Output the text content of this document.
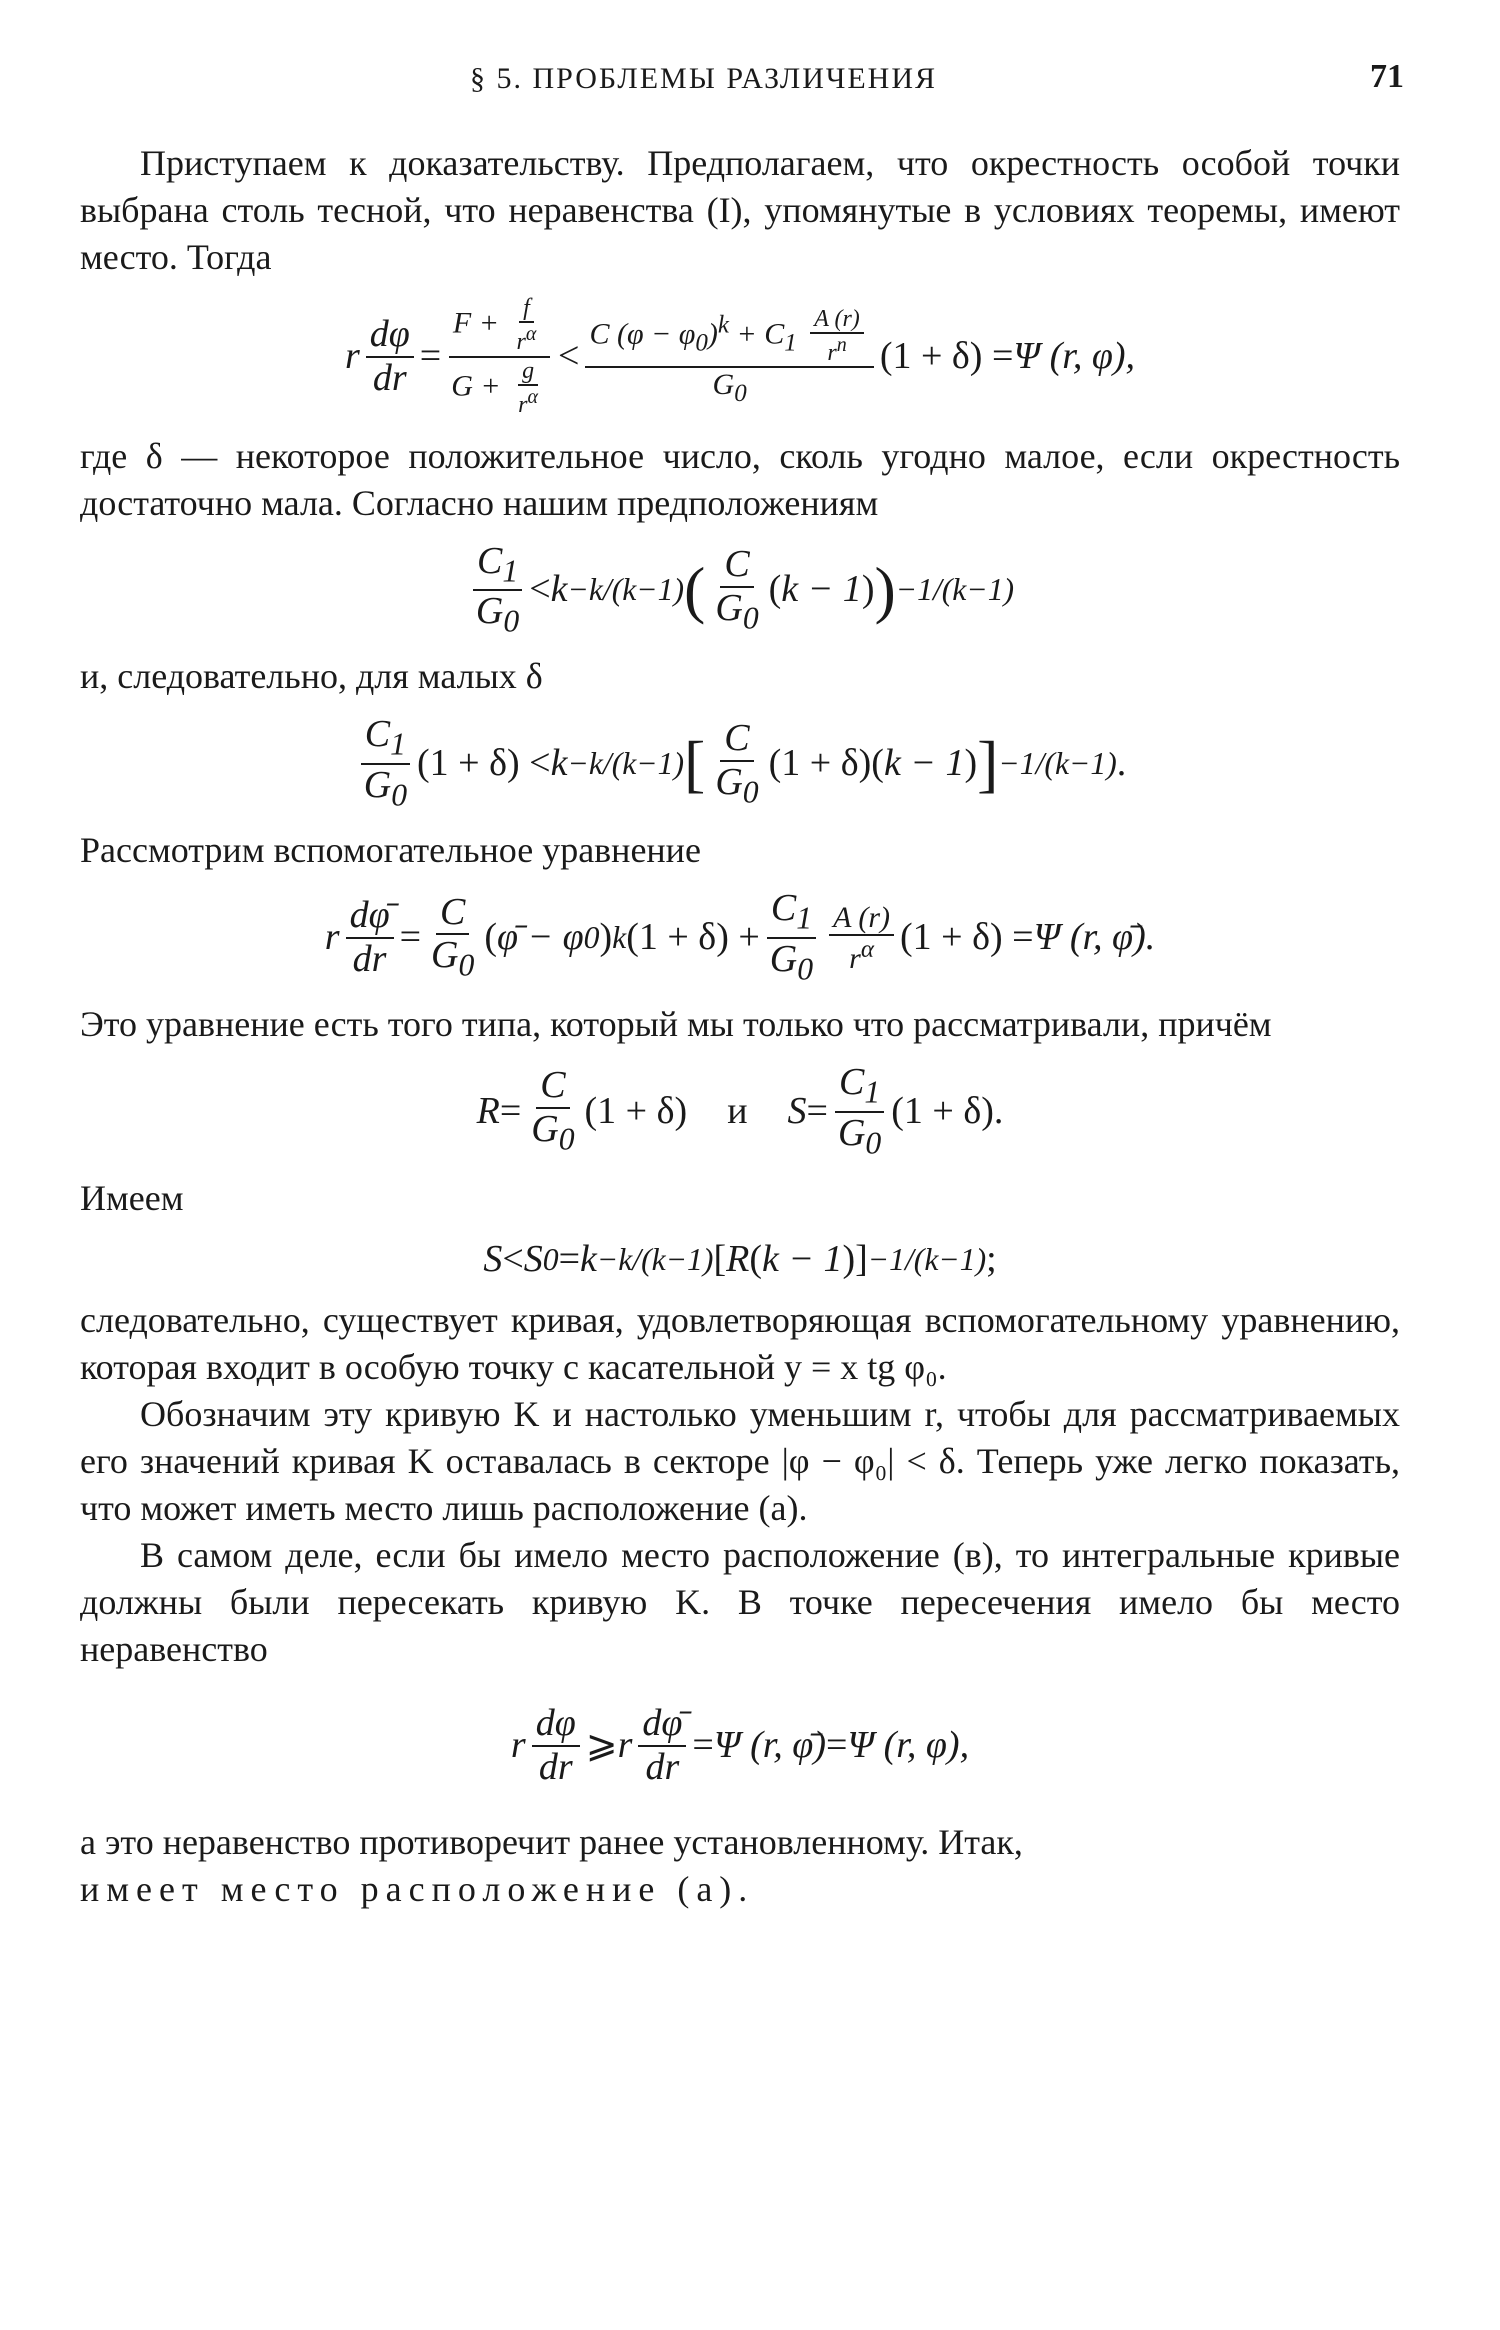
§ 5. ПРОБЛЕМЫ РАЗЛИЧЕНИЯ	71

Приступаем к доказательству. Предполагаем, что окрестность особой точки выбрана столь тесной, что неравенства (I), упомянутые в условиях теоремы, имеют место. Тогда

r $\frac{d\varphi}{dr} = \frac{F + \frac{f}{r^\alpha}}{G + \frac{g}{r^\alpha}} < \frac{C (\varphi - \varphi_0)^k + C_1 \frac{A (r)}{r^n}}{G_0} (1 + \delta) = \Psi$ (r, φ),

где δ — некоторое положительное число, сколь угодно малое, если окрестность достаточно мала. Согласно нашим предположениям

$\frac{C_1}{G_0} < k -k/(k-1)$ ( $\frac{C}{G_0}$ ( k − 1 ) ) −1/(k−1)

и, следовательно, для малых δ

$\frac{C_1}{G_0} (1 + \delta) < k -k/(k-1)$ [ $\frac{C}{G_0} (1 + \delta)$( k − 1 ) ] −1/(k−1) .

Рассмотрим вспомогательное уравнение

r $\frac{d\varphī}{dr} = \frac{C}{G_0}$ ( φ̄ − φ 0 ) k $(1 + \delta) + \frac{C_1}{G_0} \frac{A (r)}{r^\alpha} (1 + \delta) = \Psi$ (r, φ̄).

Это уравнение есть того типа, который мы только что рассматривали, причём

$R = \frac{C}{G_0} (1 + \delta)$ и $S = \frac{C_1}{G_0} (1 + \delta)$.

Имеем

S < S 0 = k −k/(k−1) [ R ( k − 1 )] −1/(k−1) ;

следовательно, существует кривая, удовлетворяющая вспомогательному уравнению, которая входит в особую точку с касательной y = x tg φ₀.

Обозначим эту кривую K и настолько уменьшим r, чтобы для рассматриваемых его значений кривая K оставалась в секторе |φ − φ₀| < δ. Теперь уже легко показать, что может иметь место лишь расположение (а).

В самом деле, если бы имело место расположение (в), то интегральные кривые должны были пересекать кривую K. В точке пересечения имело бы место неравенство

r $\frac{d\varphi}{dr}$ ⩾ r $\frac{d\varphī}{dr} = \Psi$ (r, φ̄) = Ψ (r, φ),

а это неравенство противоречит ранее установленному. Итак,

имеет место расположение (а).
